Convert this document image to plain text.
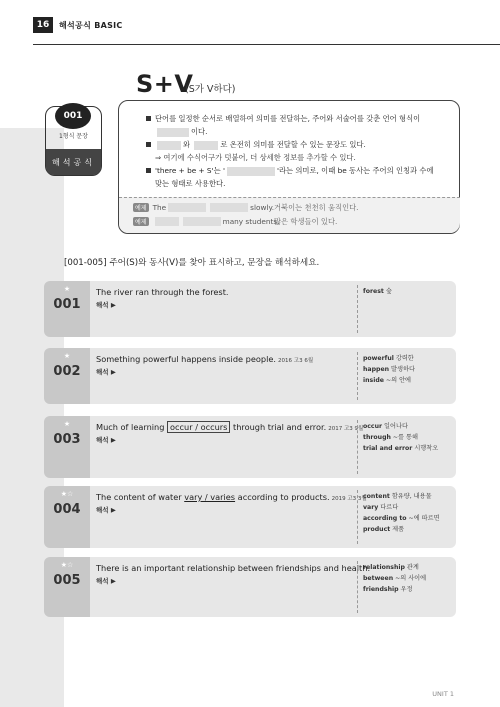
16	해석공식 BASIC
S+V
(S가 V하다)
001
1형식 문장
해석공식
단어를 일정한 순서로 배열하여 의미를 전달하는, 주어와 서술어를 갖춘 언어 형식이
이다.
와	로 온전히 의미를 전달할 수 있는 문장도 있다.
⇒ 여기에 수식어구가 덧붙어, 더 상세한 정보를 추가할 수 있다.
'there + be + S'는 '	'라는 의미로, 이때 be 동사는 주어의 인칭과 수에
맞는 형태로 사용한다.
예제 The	slowly. 거북이는 천천히 움직인다.
예제	many students.
많은 학생들이 있다.
[001-005] 주어(S)와 동사(V)를 찾아 표시하고, 문장을 해석하세요.
★
001
The river ran through the forest.
해석 ▶
forest 숲
★
002
Something powerful happens inside people. 2016 고3 6월
해석 ▶
powerful 강력한
happen 발생하다
inside ~의 안에
★
003
Much of learning occur / occurs through trial and error. 2017 고3 9월
해석 ▶
occur 일어나다
through ~를 통해
trial and error 시행착오
★☆
004
The content of water vary / varies according to products. 2019 고3 3월
해석 ▶
content 함유량, 내용물
vary 다르다
according to ~에 따르면
product 제품
★☆
005
There is an important relationship between friendships and health.
해석 ▶
relationship 관계
between ~의 사이에
friendship 우정
UNIT 1
